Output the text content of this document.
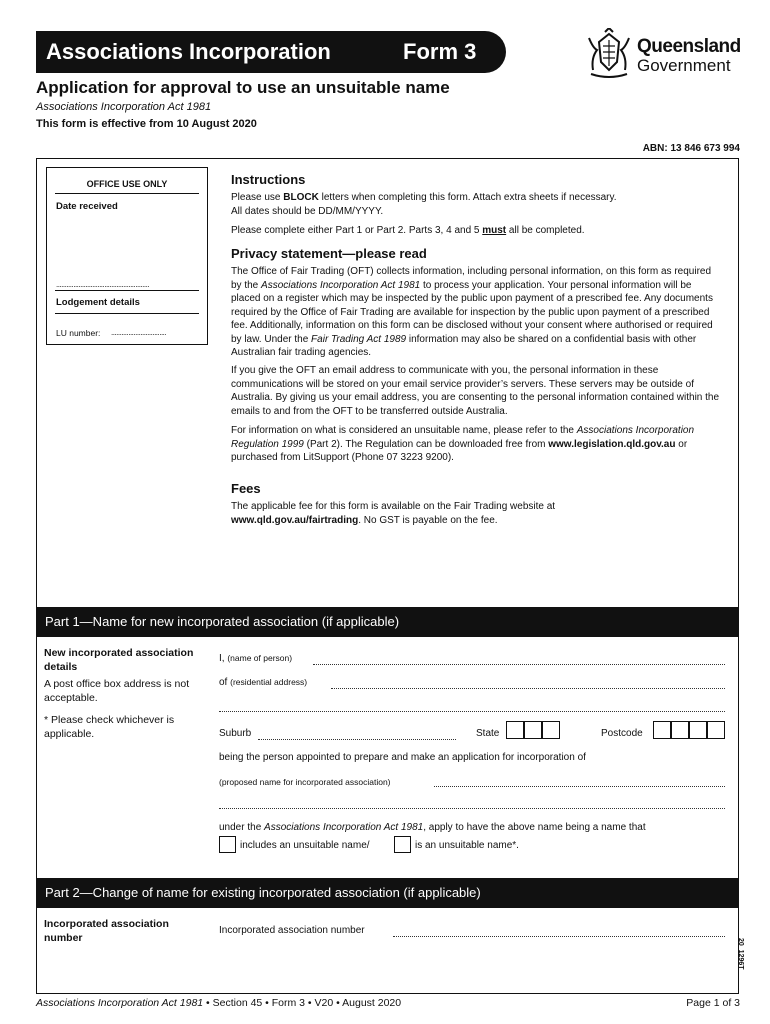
Associations Incorporation	Form 3	Queensland
Government
Application for approval to use an unsuitable name
Associations Incorporation Act 1981
This form is effective from 10 August 2020
ABN: 13 846 673 994
OFFICE USE ONLY
Date received
......................................................
Lodgement details
LU number: ................................
Instructions
Please use BLOCK letters when completing this form. Attach extra sheets if necessary.
All dates should be DD/MM/YYYY.
Please complete either Part 1 or Part 2. Parts 3, 4 and 5 must all be completed.
Privacy statement—please read
The Office of Fair Trading (OFT) collects information, including personal information, on this form as required by the Associations Incorporation Act 1981 to process your application. Your personal information will be placed on a register which may be inspected by the public upon payment of a prescribed fee. Any documents required by the Office of Fair Trading are available for inspection by the public upon payment of a prescribed fee. Additionally, information on this form can be disclosed without your consent where authorised or required by law. Under the Fair Trading Act 1989 information may also be shared on a confidential basis with other Australian fair trading agencies.
If you give the OFT an email address to communicate with you, the personal information in these communications will be stored on your email service provider’s servers. These servers may be outside of Australia. By giving us your email address, you are consenting to the personal information contained within the emails to and from the OFT to be transferred outside Australia.
For information on what is considered an unsuitable name, please refer to the Associations Incorporation Regulation 1999 (Part 2). The Regulation can be downloaded free from www.legislation.qld.gov.au or purchased from LitSupport (Phone 07 3223 9200).
Fees
The applicable fee for this form is available on the Fair Trading website at
www.qld.gov.au/fairtrading. No GST is payable on the fee.
Part 1—Name for new incorporated association (if applicable)
New incorporated association details
A post office box address is not acceptable.
* Please check whichever is applicable.
I, (name of person)
of (residential address)
Suburb	State	Postcode
being the person appointed to prepare and make an application for incorporation of
(proposed name for incorporated association)
under the Associations Incorporation Act 1981, apply to have the above name being a name that
includes an unsuitable name/	is an unsuitable name*.
Part 2—Change of name for existing incorporated association (if applicable)
Incorporated association number
Incorporated association number
20_1296T
Associations Incorporation Act 1981 • Section 45 • Form 3 • V20 • August 2020	Page 1 of 3
